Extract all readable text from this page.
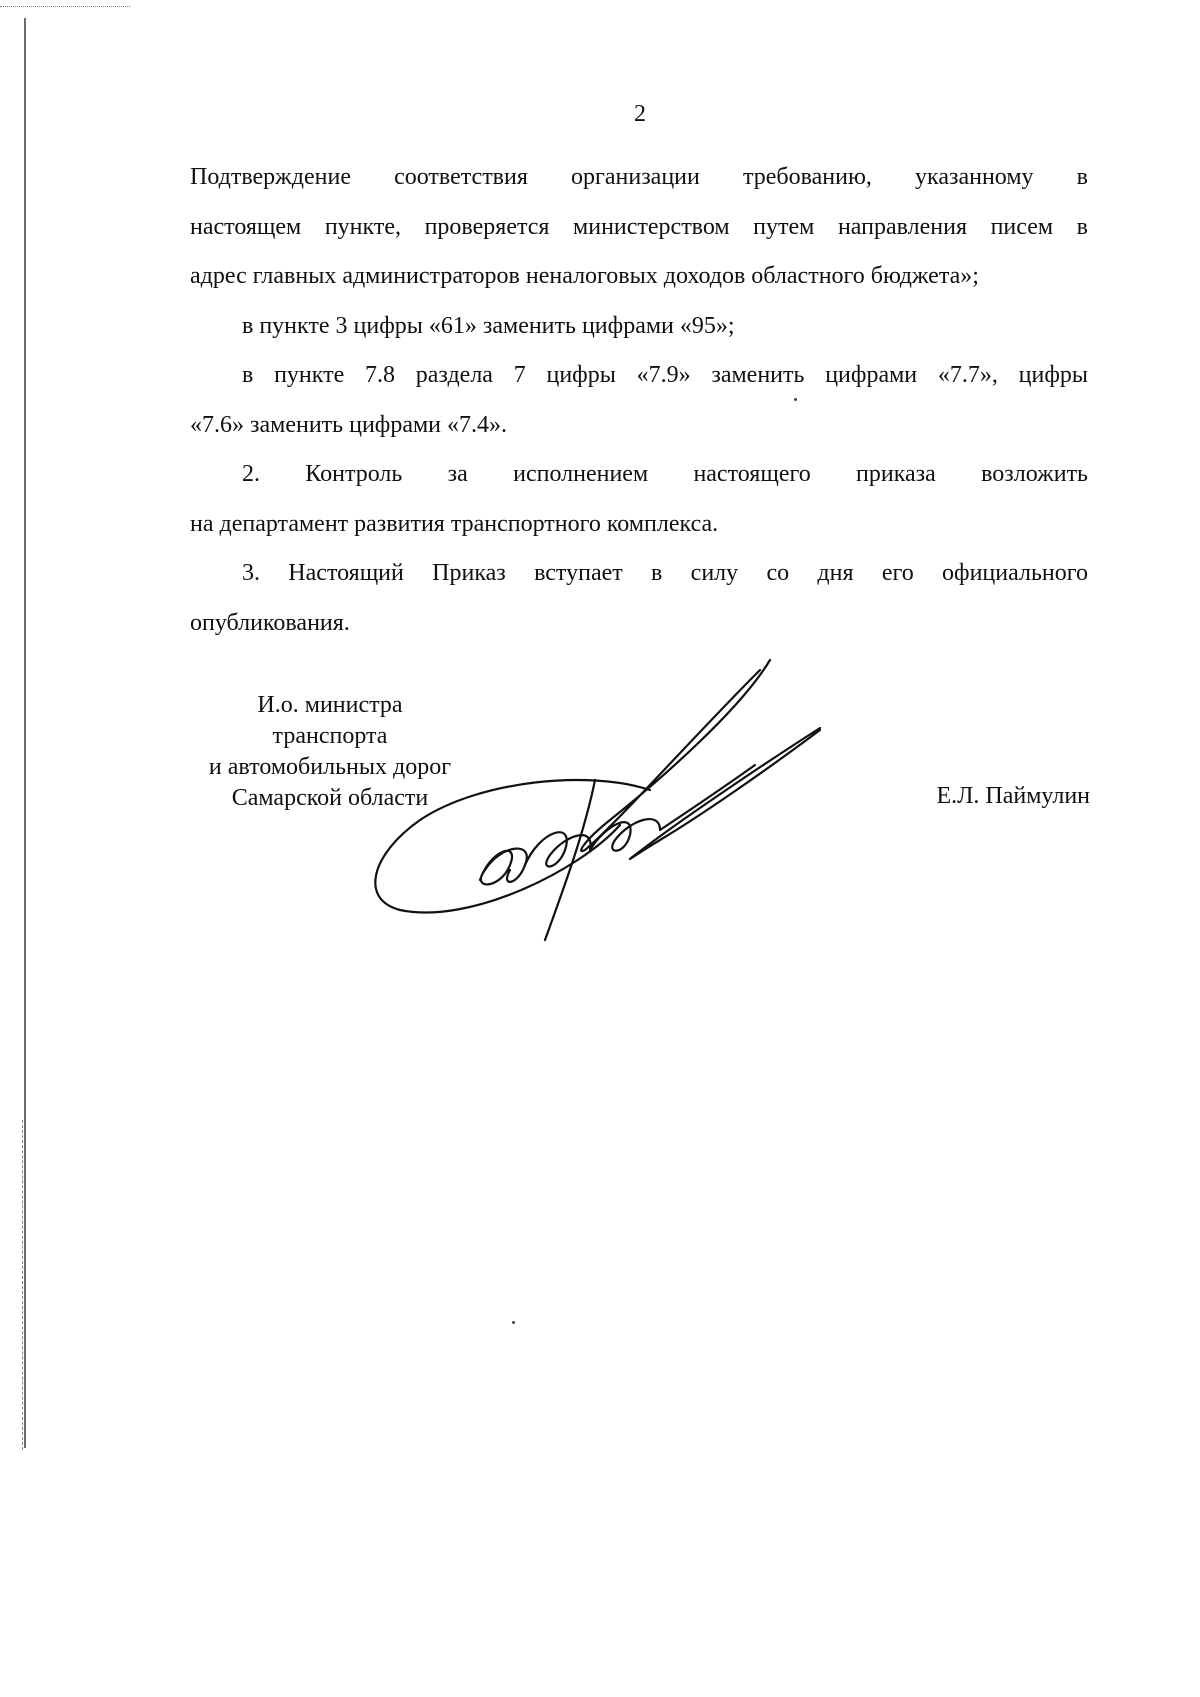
2

Подтверждение соответствия организации требованию, указанному в
настоящем пункте, проверяется министерством путем направления писем в
адрес главных администраторов неналоговых доходов областного бюджета»;

в пункте 3 цифры «61» заменить цифрами «95»;

в пункте 7.8 раздела 7 цифры «7.9» заменить цифрами «7.7», цифры
«7.6» заменить цифрами «7.4».

2. Контроль за исполнением настоящего приказа возложить
на департамент развития транспортного комплекса.

3. Настоящий Приказ вступает в силу со дня его официального
опубликования.

И.о. министра
транспорта
и автомобильных дорог
Самарской области	Е.Л. Паймулин
